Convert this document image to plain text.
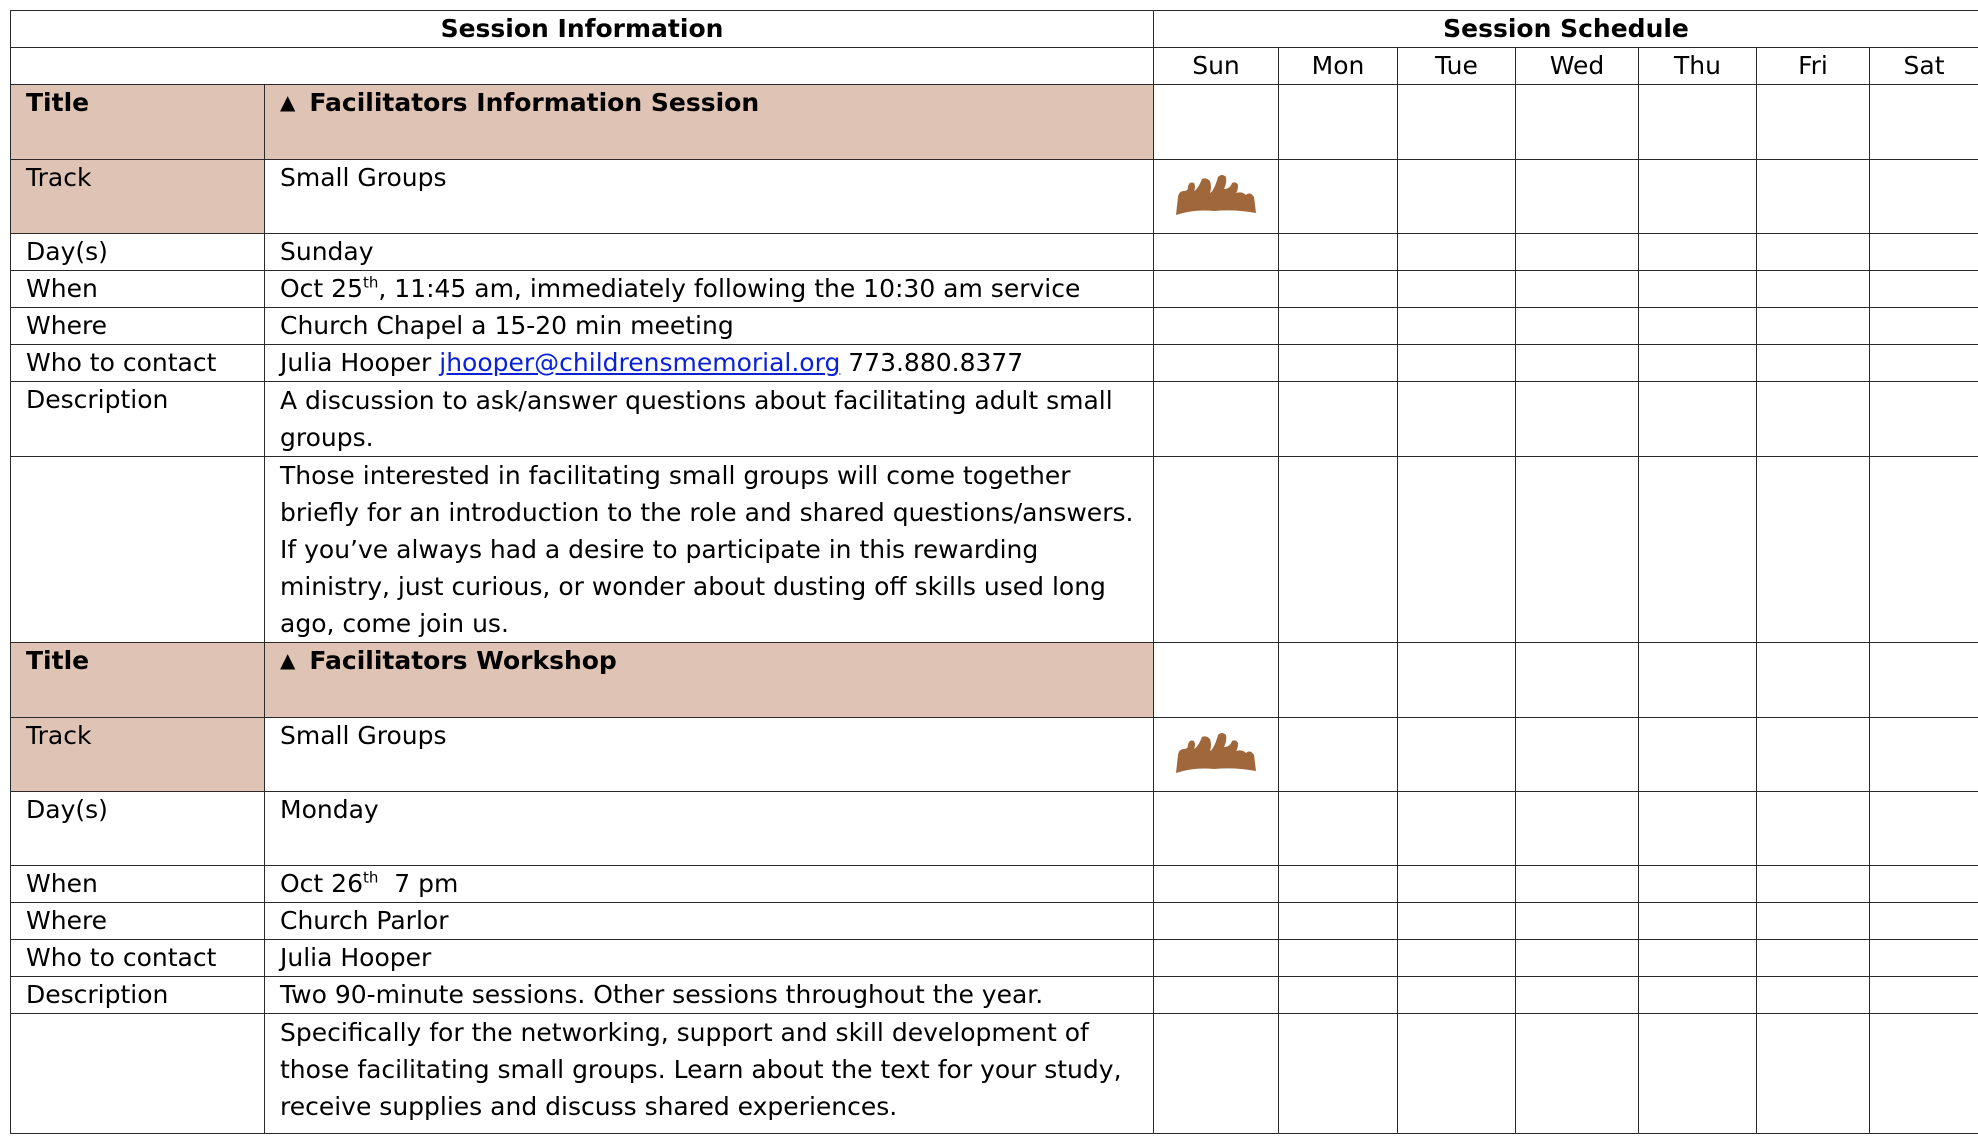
Session Information		Session Schedule						
		Sun	Mon	Tue	Wed	Thu	Fri	Sat
Title	▲ Facilitators Information Session							
Track	Small Groups							
Day(s)	Sunday							
When	Oct 25th, 11:45 am, immediately following the 10:30 am service							
Where	Church Chapel a 15-20 min meeting							
Who to contact	Julia Hooper jhooper@childrensmemorial.org 773.880.8377							
Description	A discussion to ask/answer questions about facilitating adult small groups.							
	Those interested in facilitating small groups will come together briefly for an introduction to the role and shared questions/answers. If you’ve always had a desire to participate in this rewarding ministry, just curious, or wonder about dusting off skills used long ago, come join us.							
Title	▲ Facilitators Workshop							
Track	Small Groups							
Day(s)	Monday							
When	Oct 26th  7 pm							
Where	Church Parlor							
Who to contact	Julia Hooper							
Description	Two 90-minute sessions. Other sessions throughout the year.							
	Specifically for the networking, support and skill development of those facilitating small groups. Learn about the text for your study, receive supplies and discuss shared experiences.							
